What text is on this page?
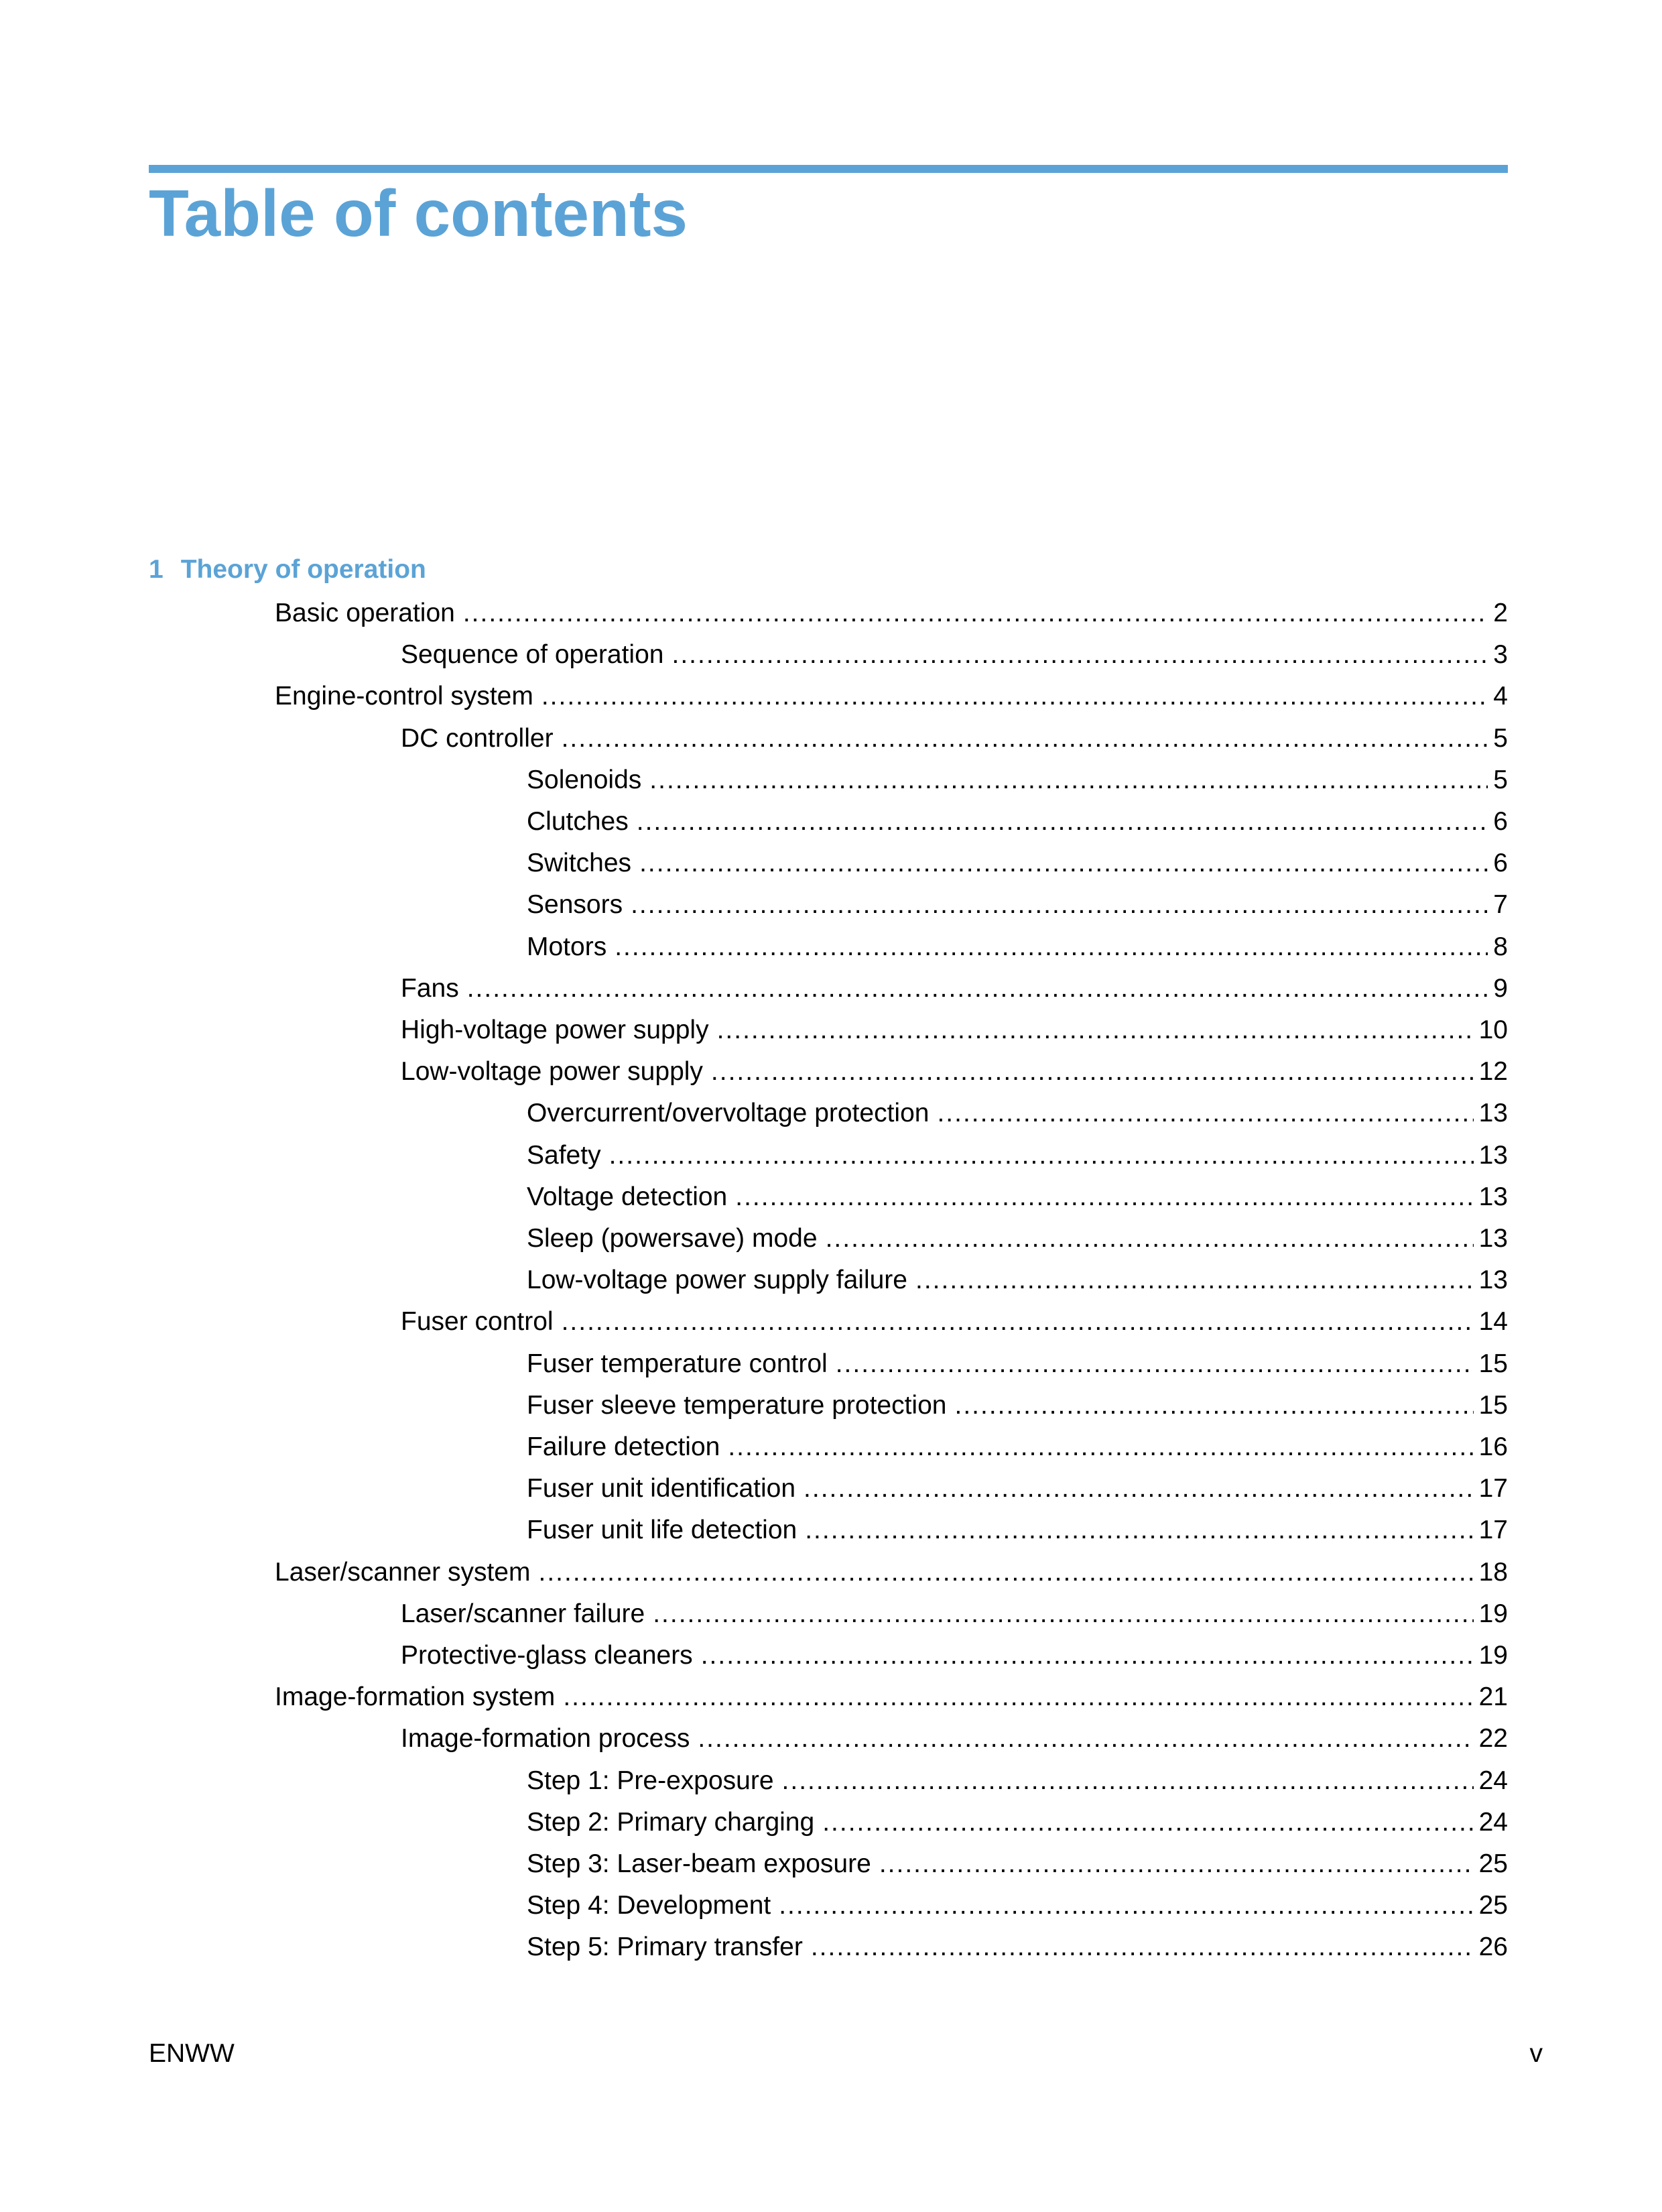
Table of contents
1 Theory of operation
Basic operation .....	2
Sequence of operation .....	3
Engine-control system .....	4
DC controller .....	5
Solenoids .....	5
Clutches .....	6
Switches .....	6
Sensors .....	7
Motors .....	8
Fans .....	9
High-voltage power supply .....	10
Low-voltage power supply .....	12
Overcurrent/overvoltage protection .....	13
Safety .....	13
Voltage detection .....	13
Sleep (powersave) mode .....	13
Low-voltage power supply failure .....	13
Fuser control .....	14
Fuser temperature control .....	15
Fuser sleeve temperature protection .....	15
Failure detection .....	16
Fuser unit identification .....	17
Fuser unit life detection .....	17
Laser/scanner system .....	18
Laser/scanner failure .....	19
Protective-glass cleaners .....	19
Image-formation system .....	21
Image-formation process .....	22
Step 1: Pre-exposure .....	24
Step 2: Primary charging .....	24
Step 3: Laser-beam exposure .....	25
Step 4: Development .....	25
Step 5: Primary transfer .....	26
ENWW	v
